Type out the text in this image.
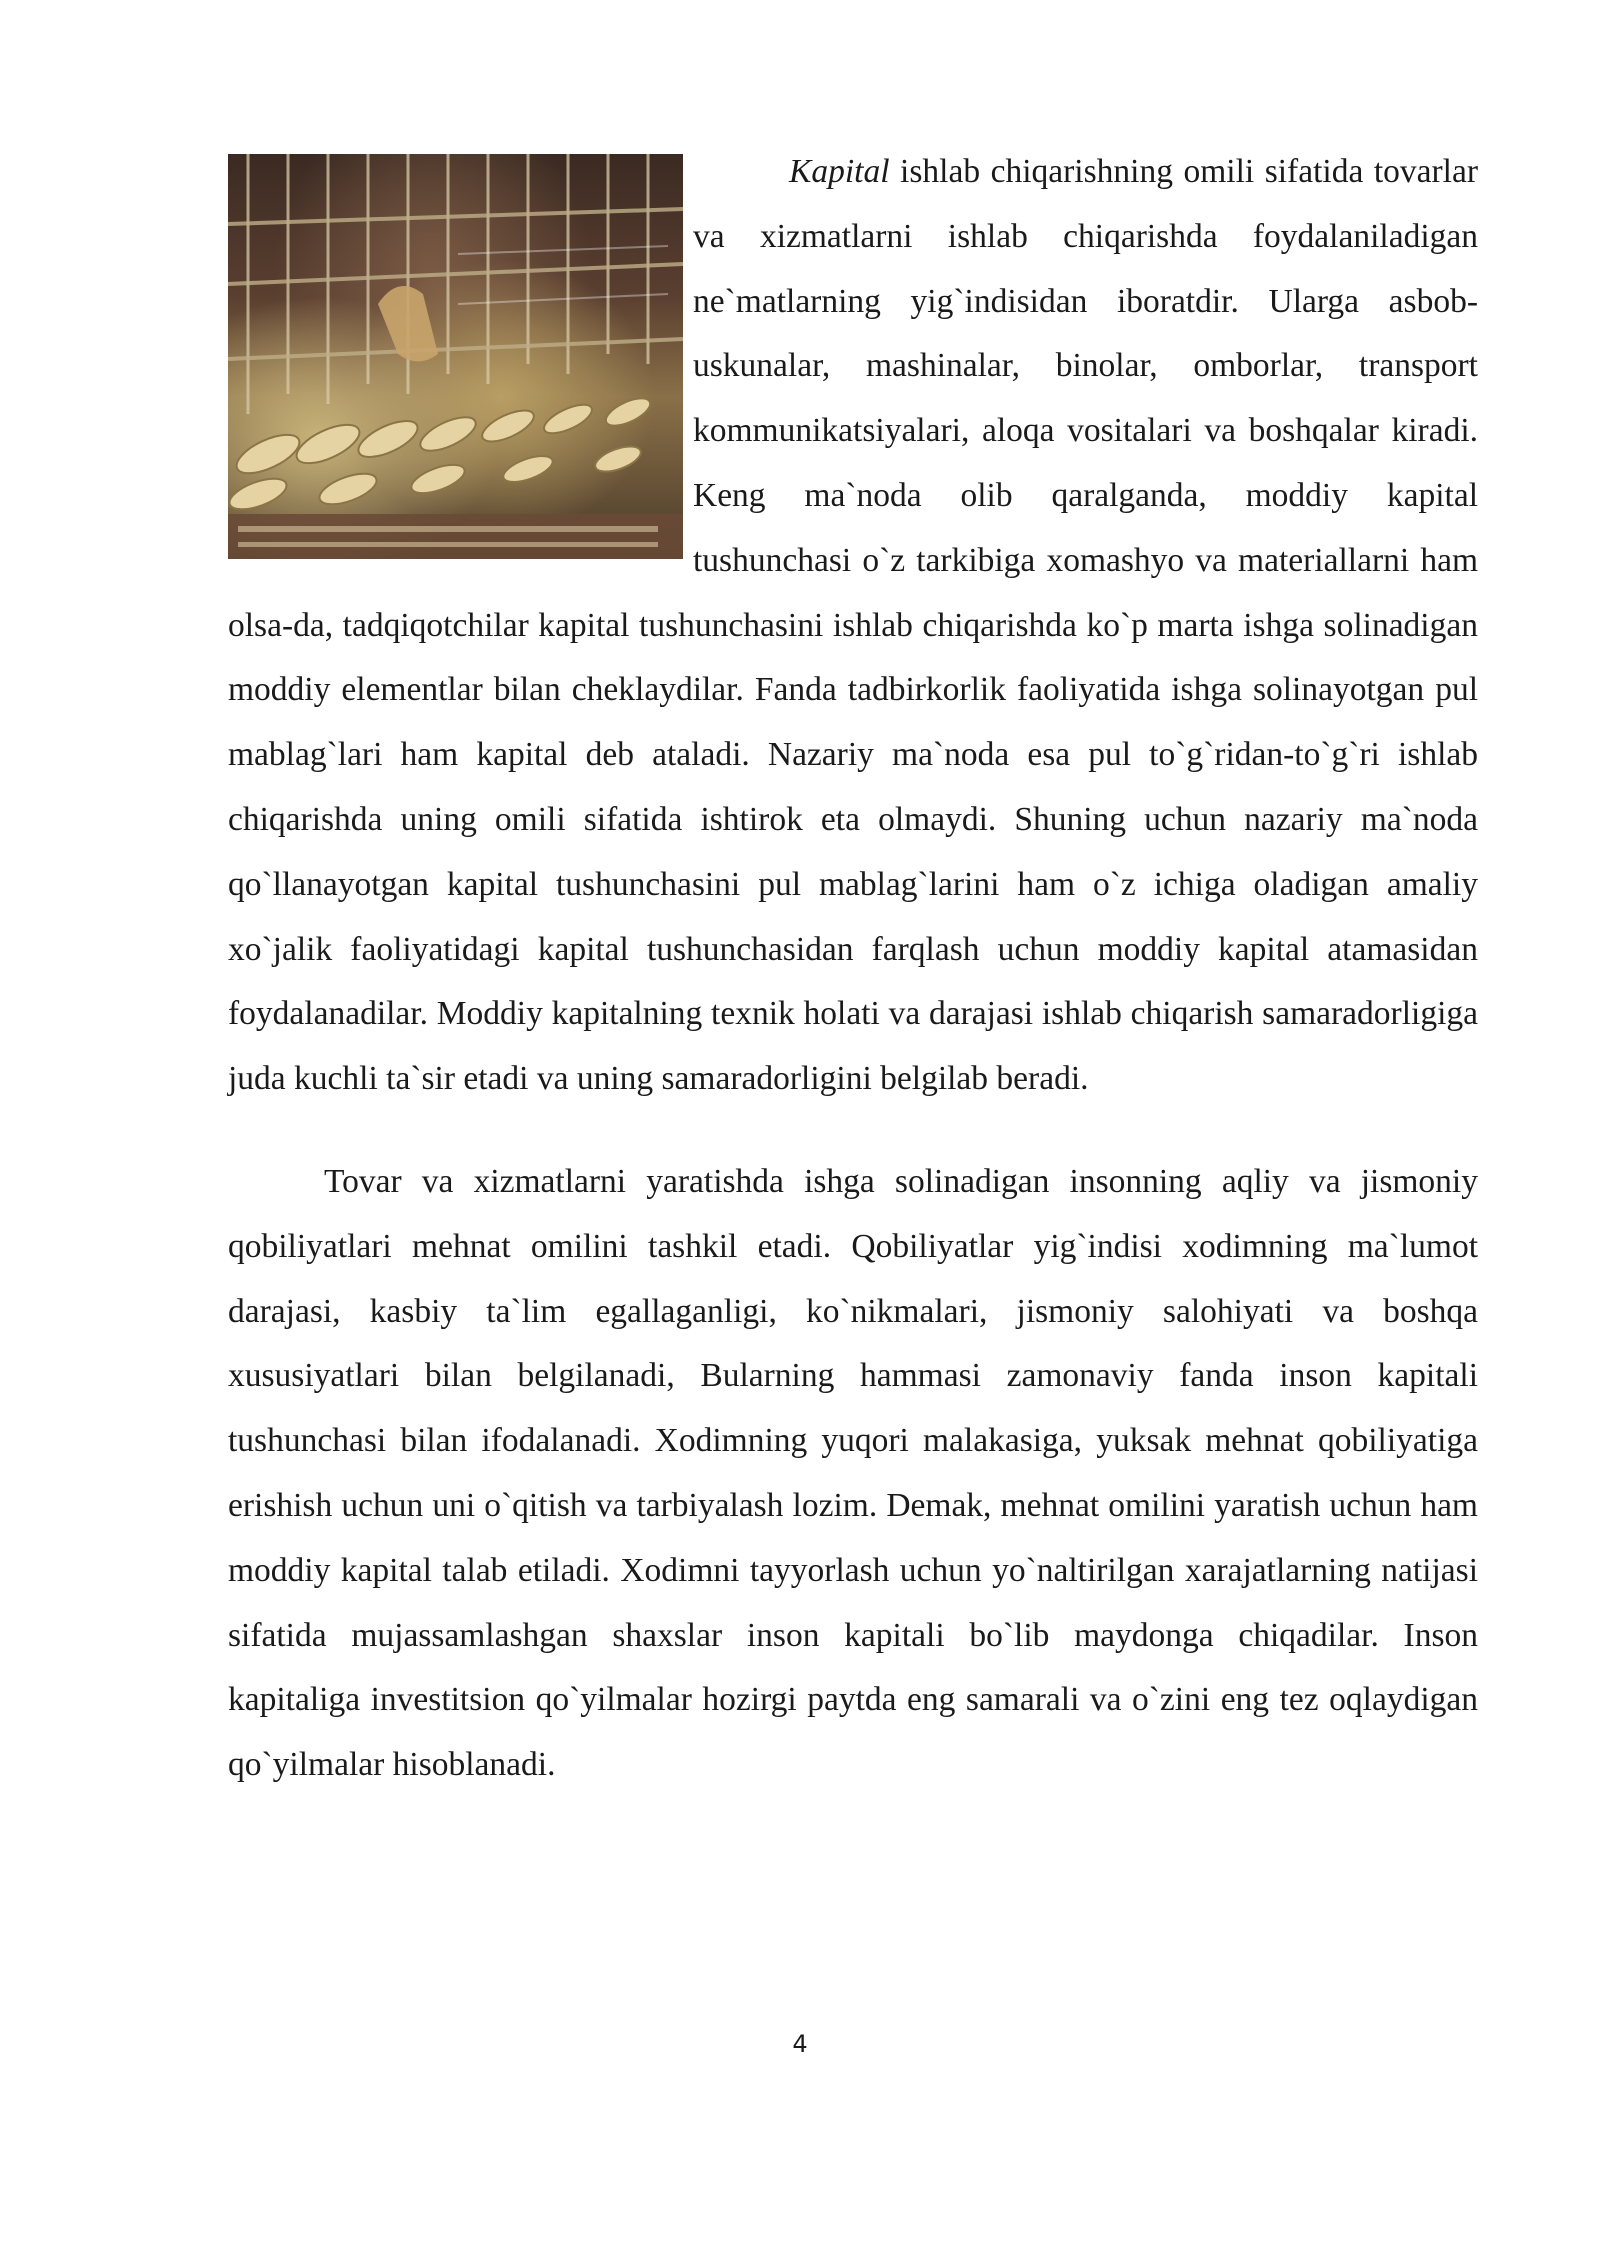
Kapital
ishlab chiqarishning omili sifatida tovarlar va xizmatlarni ishlab chiqarishda foydalaniladigan ne`matlarning yig`indisidan iboratdir. Ularga asbob-uskunalar, mashinalar, binolar, omborlar, transport kommunikatsiyalari, aloqa vositalari va boshqalar kiradi. Keng ma`noda olib qaralganda, moddiy kapital tushunchasi o`z tarkibiga xomashyo va materiallarni ham olsa-da, tadqiqotchilar kapital tushunchasini ishlab chiqarishda ko`p marta ishga solinadigan moddiy elementlar bilan cheklaydilar. Fanda tadbirkorlik faoliyatida ishga solinayotgan pul mablag`lari ham kapital deb ataladi. Nazariy ma`noda esa pul to`g`ridan-to`g`ri ishlab chiqarishda uning omili sifatida ishtirok eta olmaydi. Shuning uchun nazariy ma`noda qo`llanayotgan kapital tushunchasini pul mablag`larini ham o`z ichiga oladigan amaliy xo`jalik faoliyatidagi kapital tushunchasidan farqlash uchun moddiy kapital atamasidan foydalanadilar. Moddiy kapitalning texnik holati va darajasi ishlab chiqarish samaradorligiga juda kuchli ta`sir etadi va uning samaradorligini belgilab beradi.

Tovar va xizmatlarni yaratishda ishga solinadigan insonning aqliy va jismoniy qobiliyatlari mehnat omilini tashkil etadi. Qobiliyatlar yig`indisi xodimning ma`lumot darajasi, kasbiy ta`lim egallaganligi, ko`nikmalari, jismoniy salohiyati va boshqa xususiyatlari bilan belgilanadi, Bularning hammasi zamonaviy fanda inson kapitali tushunchasi bilan ifodalanadi. Xodimning yuqori malakasiga, yuksak mehnat qobiliyatiga erishish uchun uni o`qitish va tarbiyalash lozim. Demak, mehnat omilini yaratish uchun ham moddiy kapital talab etiladi. Xodimni tayyorlash uchun yo`naltirilgan xarajatlarning natijasi sifatida mujassamlashgan shaxslar inson kapitali bo`lib maydonga chiqadilar. Inson kapitaliga investitsion qo`yilmalar hozirgi paytda eng samarali va o`zini eng tez oqlaydigan qo`yilmalar hisoblanadi.

4
